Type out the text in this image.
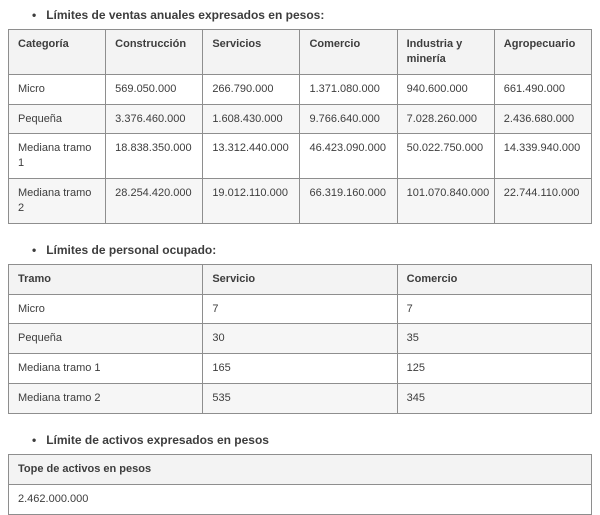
• Límites de ventas anuales expresados en pesos:
Categoría	Construcción	Servicios	Comercio	Industria y minería	Agropecuario
Micro	569.050.000	266.790.000	1.371.080.000	940.600.000	661.490.000
Pequeña	3.376.460.000	1.608.430.000	9.766.640.000	7.028.260.000	2.436.680.000
Mediana tramo 1	18.838.350.000	13.312.440.000	46.423.090.000	50.022.750.000	14.339.940.000
Mediana tramo 2	28.254.420.000	19.012.110.000	66.319.160.000	101.070.840.000	22.744.110.000
• Límites de personal ocupado:
Tramo	Servicio	Comercio
Micro	7	7
Pequeña	30	35
Mediana tramo 1	165	125
Mediana tramo 2	535	345
• Límite de activos expresados en pesos
Tope de activos en pesos
2.462.000.000
